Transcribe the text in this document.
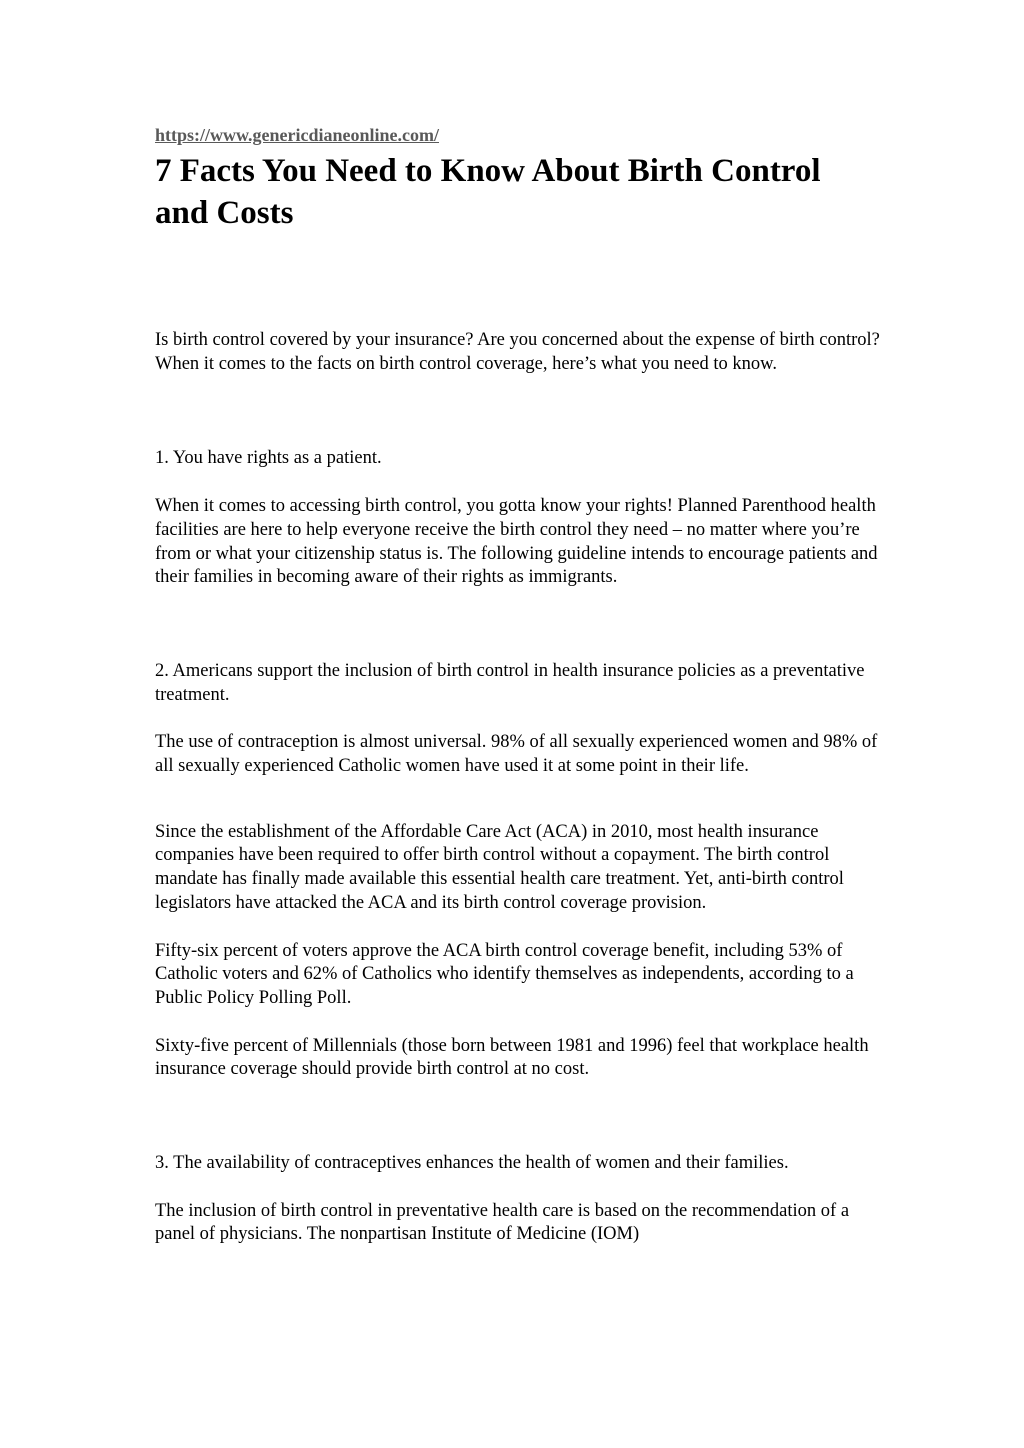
https://www.genericdianeonline.com/
7 Facts You Need to Know About Birth Control and Costs

Is birth control covered by your insurance? Are you concerned about the expense of birth control? When it comes to the facts on birth control coverage, here’s what you need to know.

1. You have rights as a patient.

When it comes to accessing birth control, you gotta know your rights! Planned Parenthood health facilities are here to help everyone receive the birth control they need – no matter where you’re from or what your citizenship status is. The following guideline intends to encourage patients and their families in becoming aware of their rights as immigrants.

2. Americans support the inclusion of birth control in health insurance policies as a preventative treatment.

The use of contraception is almost universal. 98% of all sexually experienced women and 98% of all sexually experienced Catholic women have used it at some point in their life.

Since the establishment of the Affordable Care Act (ACA) in 2010, most health insurance companies have been required to offer birth control without a copayment. The birth control mandate has finally made available this essential health care treatment. Yet, anti-birth control legislators have attacked the ACA and its birth control coverage provision.

Fifty-six percent of voters approve the ACA birth control coverage benefit, including 53% of Catholic voters and 62% of Catholics who identify themselves as independents, according to a Public Policy Polling Poll.

Sixty-five percent of Millennials (those born between 1981 and 1996) feel that workplace health insurance coverage should provide birth control at no cost.

3. The availability of contraceptives enhances the health of women and their families.

The inclusion of birth control in preventative health care is based on the recommendation of a panel of physicians. The nonpartisan Institute of Medicine (IOM)
